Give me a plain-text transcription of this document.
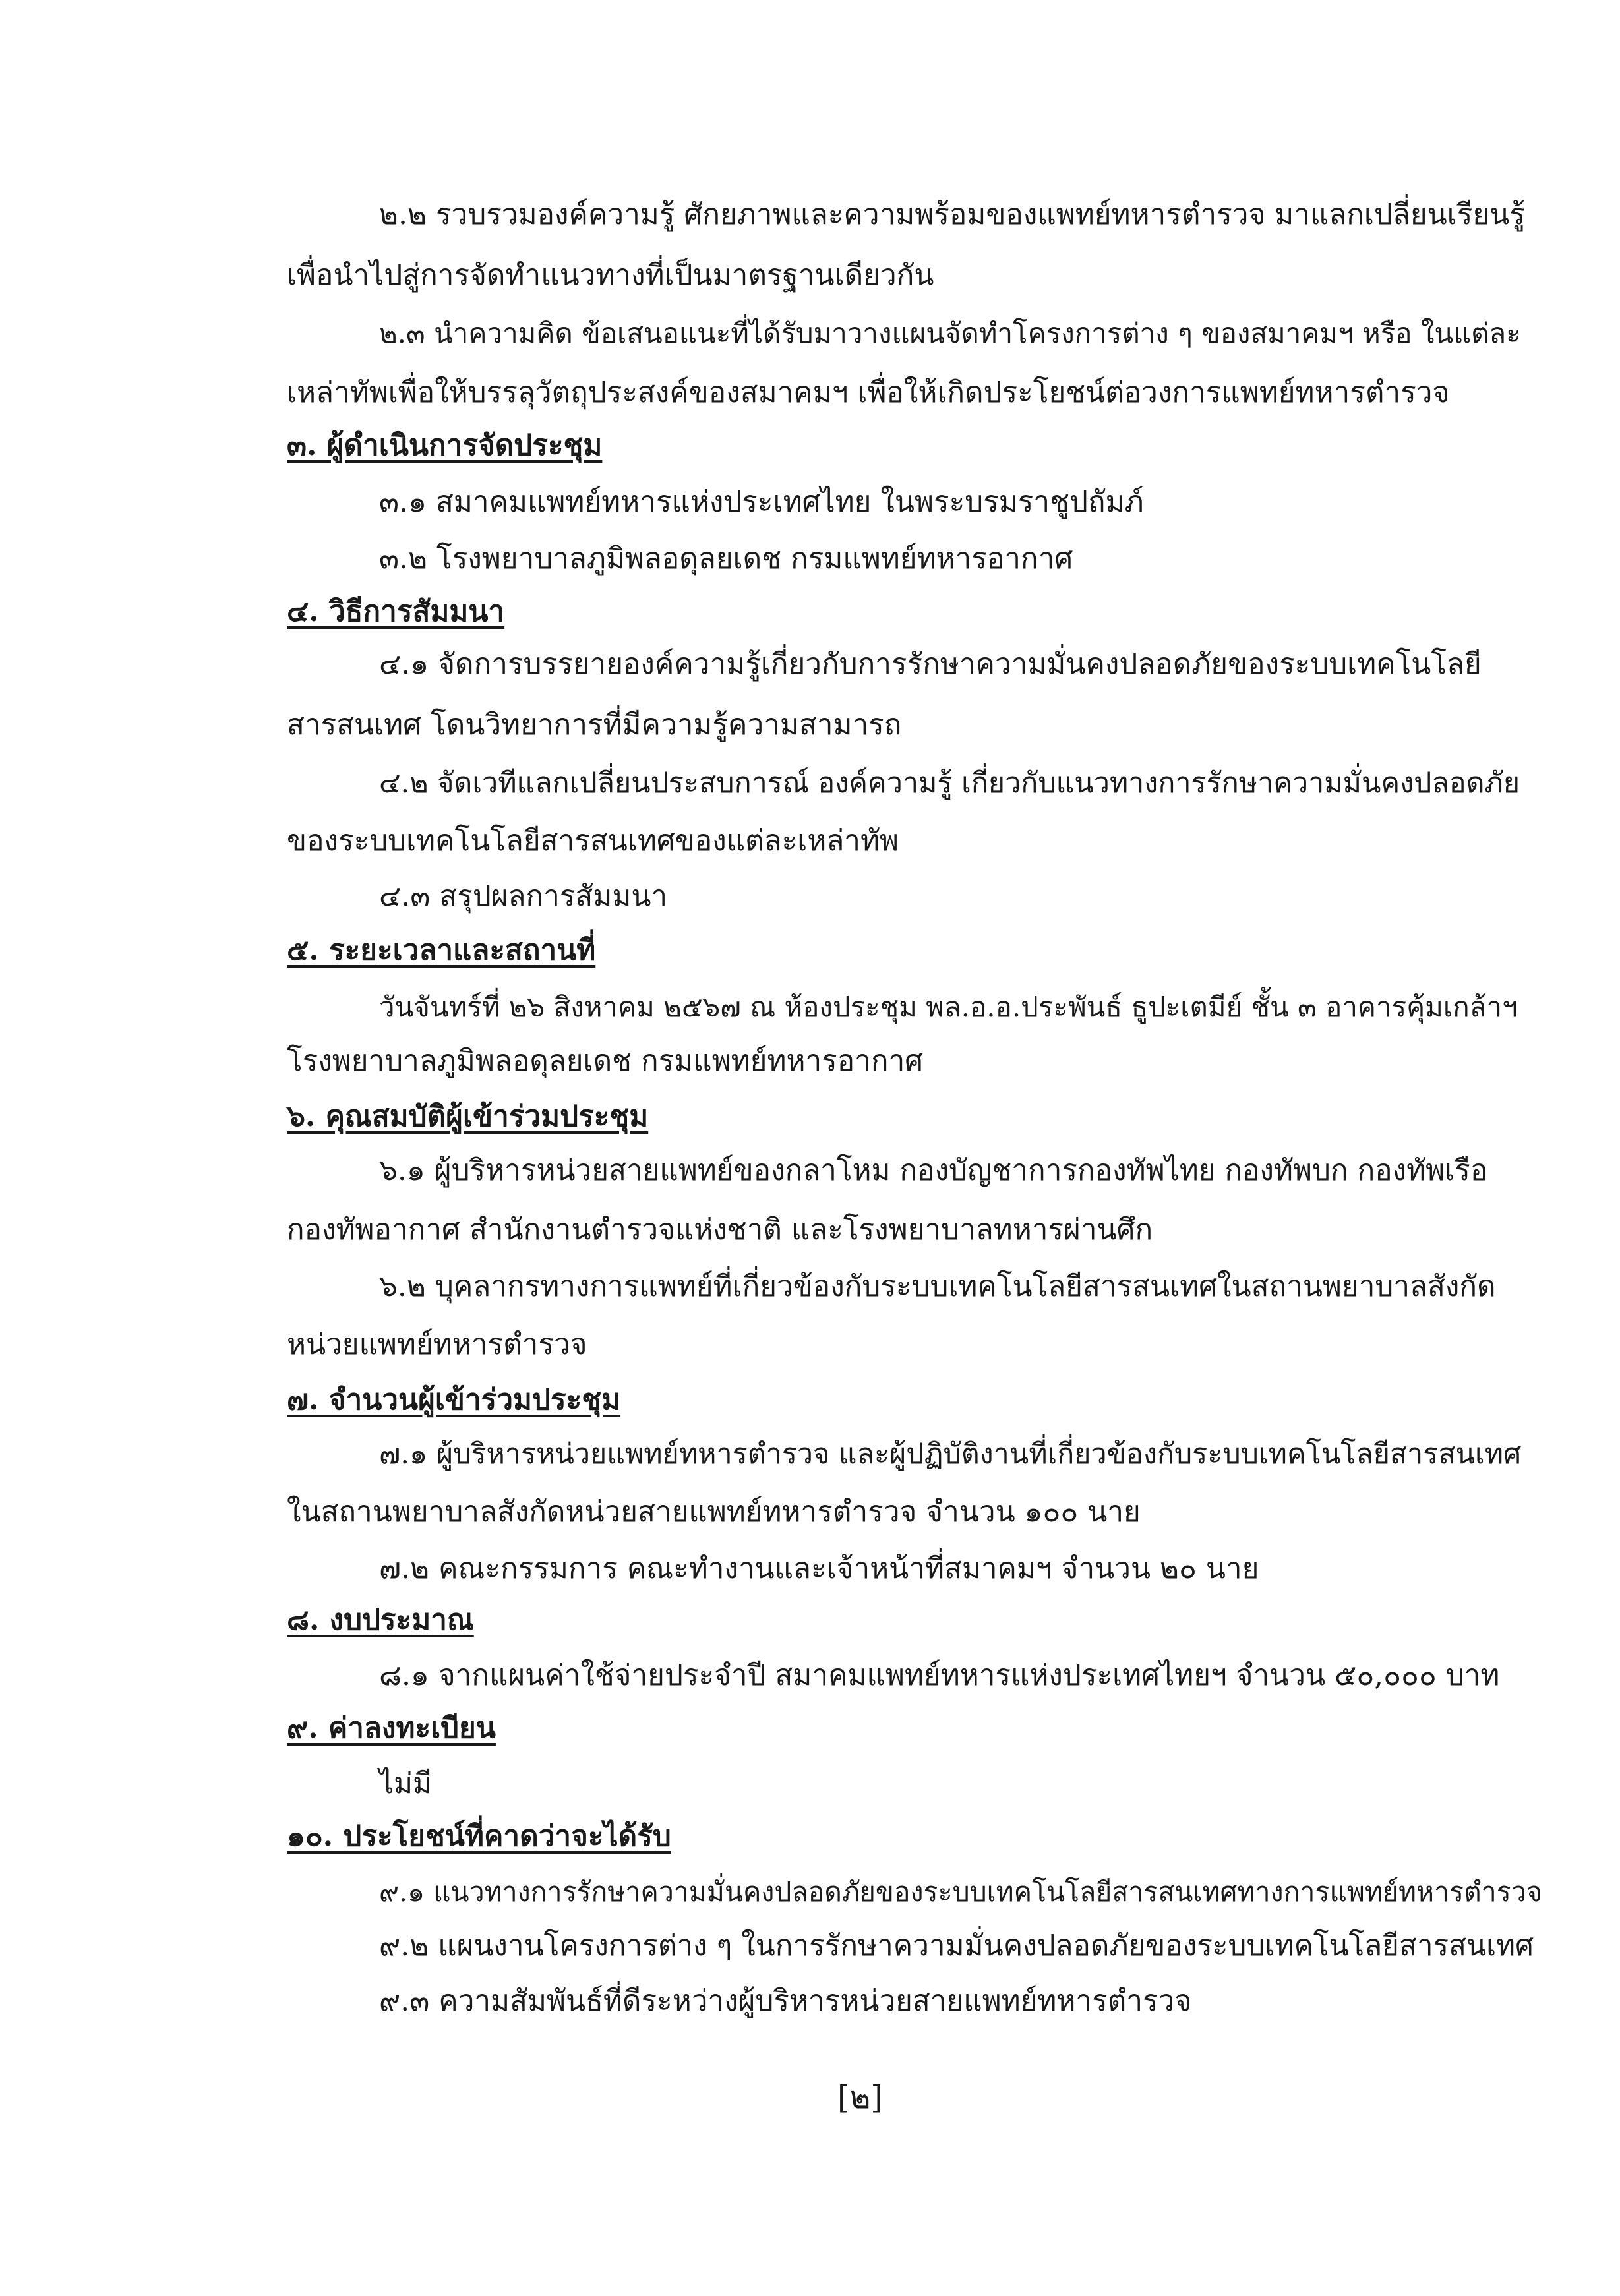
๒.๒ รวบรวมองค์ความรู้ ศักยภาพและความพร้อมของแพทย์ทหารตำรวจ มาแลกเปลี่ยนเรียนรู้
เพื่อนำไปสู่การจัดทำแนวทางที่เป็นมาตรฐานเดียวกัน
๒.๓ นำความคิด ข้อเสนอแนะที่ได้รับมาวางแผนจัดทำโครงการต่าง ๆ ของสมาคมฯ หรือ ในแต่ละ
เหล่าทัพเพื่อให้บรรลุวัตถุประสงค์ของสมาคมฯ เพื่อให้เกิดประโยชน์ต่อวงการแพทย์ทหารตำรวจ
๓. ผู้ดำเนินการจัดประชุม
๓.๑ สมาคมแพทย์ทหารแห่งประเทศไทย ในพระบรมราชูปถัมภ์
๓.๒ โรงพยาบาลภูมิพลอดุลยเดช กรมแพทย์ทหารอากาศ
๔. วิธีการสัมมนา
๔.๑ จัดการบรรยายองค์ความรู้เกี่ยวกับการรักษาความมั่นคงปลอดภัยของระบบเทคโนโลยี
สารสนเทศ โดนวิทยาการที่มีความรู้ความสามารถ
๔.๒ จัดเวทีแลกเปลี่ยนประสบการณ์ องค์ความรู้ เกี่ยวกับแนวทางการรักษาความมั่นคงปลอดภัย
ของระบบเทคโนโลยีสารสนเทศของแต่ละเหล่าทัพ
๔.๓ สรุปผลการสัมมนา
๕. ระยะเวลาและสถานที่
วันจันทร์ที่ ๒๖ สิงหาคม ๒๕๖๗ ณ ห้องประชุม พล.อ.อ.ประพันธ์ ธูปะเตมีย์ ชั้น ๓ อาคารคุ้มเกล้าฯ
โรงพยาบาลภูมิพลอดุลยเดช กรมแพทย์ทหารอากาศ
๖. คุณสมบัติผู้เข้าร่วมประชุม
๖.๑ ผู้บริหารหน่วยสายแพทย์ของกลาโหม กองบัญชาการกองทัพไทย กองทัพบก กองทัพเรือ
กองทัพอากาศ สำนักงานตำรวจแห่งชาติ และโรงพยาบาลทหารผ่านศึก
๖.๒ บุคลากรทางการแพทย์ที่เกี่ยวข้องกับระบบเทคโนโลยีสารสนเทศในสถานพยาบาลสังกัด
หน่วยแพทย์ทหารตำรวจ
๗. จำนวนผู้เข้าร่วมประชุม
๗.๑ ผู้บริหารหน่วยแพทย์ทหารตำรวจ และผู้ปฏิบัติงานที่เกี่ยวข้องกับระบบเทคโนโลยีสารสนเทศ
ในสถานพยาบาลสังกัดหน่วยสายแพทย์ทหารตำรวจ จำนวน ๑๐๐ นาย
๗.๒ คณะกรรมการ คณะทำงานและเจ้าหน้าที่สมาคมฯ จำนวน ๒๐ นาย
๘. งบประมาณ
๘.๑ จากแผนค่าใช้จ่ายประจำปี สมาคมแพทย์ทหารแห่งประเทศไทยฯ จำนวน ๕๐,๐๐๐ บาท
๙. ค่าลงทะเบียน
ไม่มี
๑๐. ประโยชน์ที่คาดว่าจะได้รับ
๙.๑ แนวทางการรักษาความมั่นคงปลอดภัยของระบบเทคโนโลยีสารสนเทศทางการแพทย์ทหารตำรวจ
๙.๒ แผนงานโครงการต่าง ๆ ในการรักษาความมั่นคงปลอดภัยของระบบเทคโนโลยีสารสนเทศ
๙.๓ ความสัมพันธ์ที่ดีระหว่างผู้บริหารหน่วยสายแพทย์ทหารตำรวจ
[๒]
